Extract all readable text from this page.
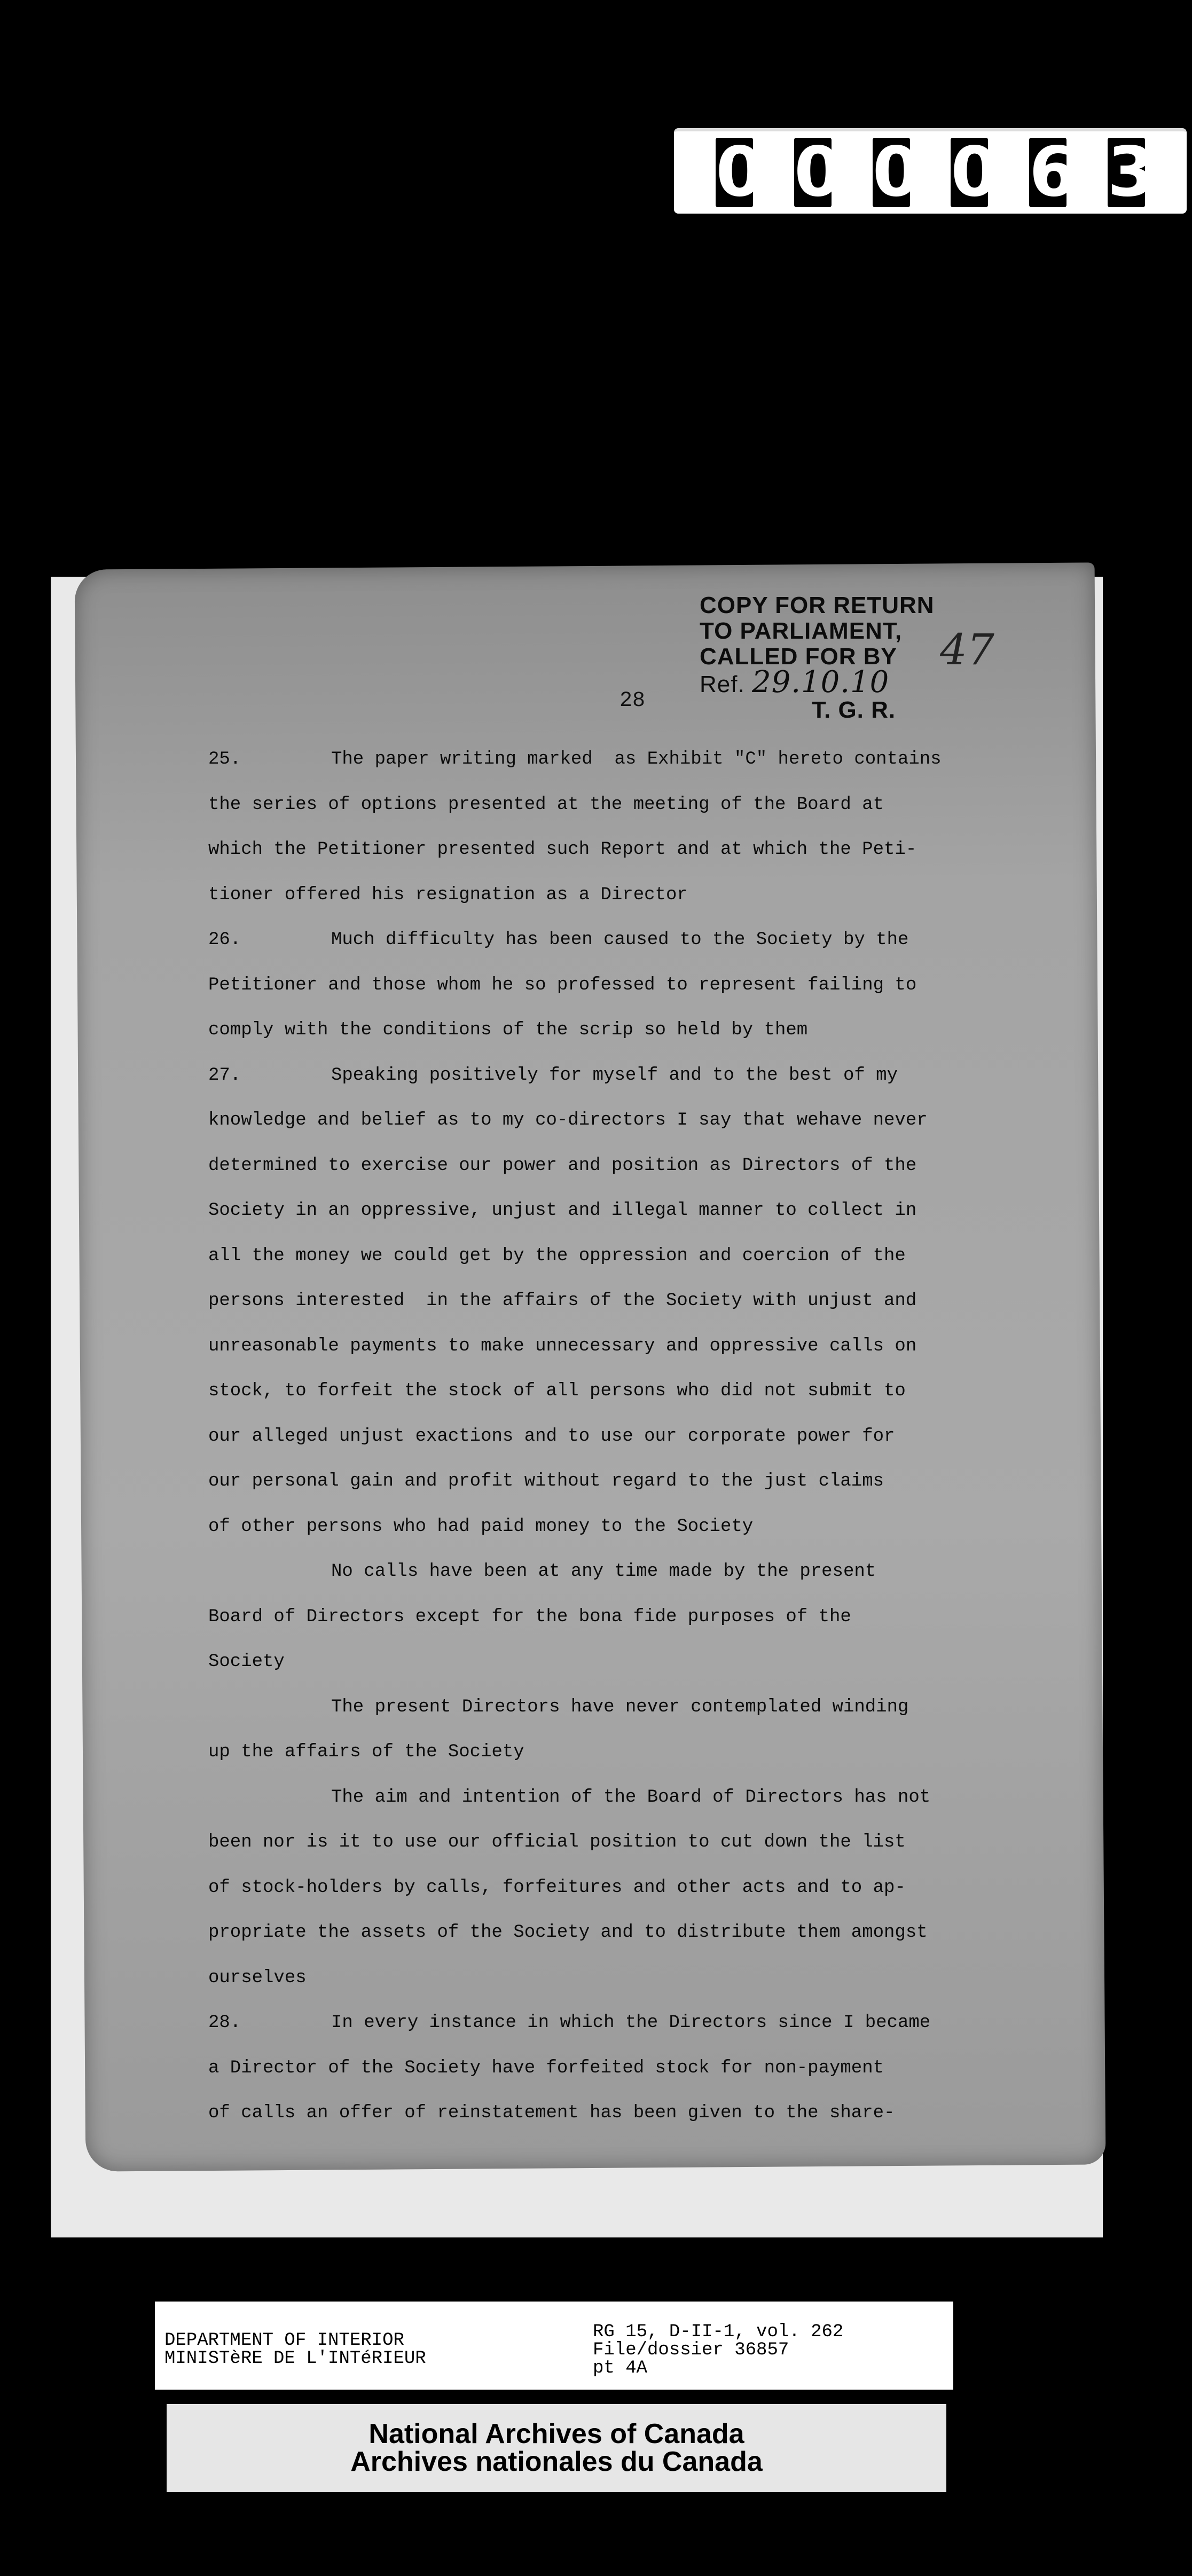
0 0 0 0 6 3
COPY FOR RETURN
TO PARLIAMENT,
CALLED FOR BY
Ref. 29.10.10
T. G. R.
47
28
25.	The paper writing marked  as Exhibit "C" hereto contains
the series of options presented at the meeting of the Board at
which the Petitioner presented such Report and at which the Peti-
tioner offered his resignation as a Director
26.	Much difficulty has been caused to the Society by the
Petitioner and those whom he so professed to represent failing to
comply with the conditions of the scrip so held by them
27.	Speaking positively for myself and to the best of my
knowledge and belief as to my co-directors I say that wehave never
determined to exercise our power and position as Directors of the
Society in an oppressive, unjust and illegal manner to collect in
all the money we could get by the oppression and coercion of the
persons interested  in the affairs of the Society with unjust and
unreasonable payments to make unnecessary and oppressive calls on
stock, to forfeit the stock of all persons who did not submit to
our alleged unjust exactions and to use our corporate power for
our personal gain and profit without regard to the just claims
of other persons who had paid money to the Society
No calls have been at any time made by the present
Board of Directors except for the bona fide purposes of the
Society
The present Directors have never contemplated winding
up the affairs of the Society
The aim and intention of the Board of Directors has not
been nor is it to use our official position to cut down the list
of stock-holders by calls, forfeitures and other acts and to ap-
propriate the assets of the Society and to distribute them amongst
ourselves
28.	In every instance in which the Directors since I became
a Director of the Society have forfeited stock for non-payment
of calls an offer of reinstatement has been given to the share-
DEPARTMENT OF INTERIOR
MINISTèRE DE L'INTéRIEUR
RG 15, D-II-1, vol. 262
File/dossier 36857
pt 4A
National Archives of Canada
Archives nationales du Canada
